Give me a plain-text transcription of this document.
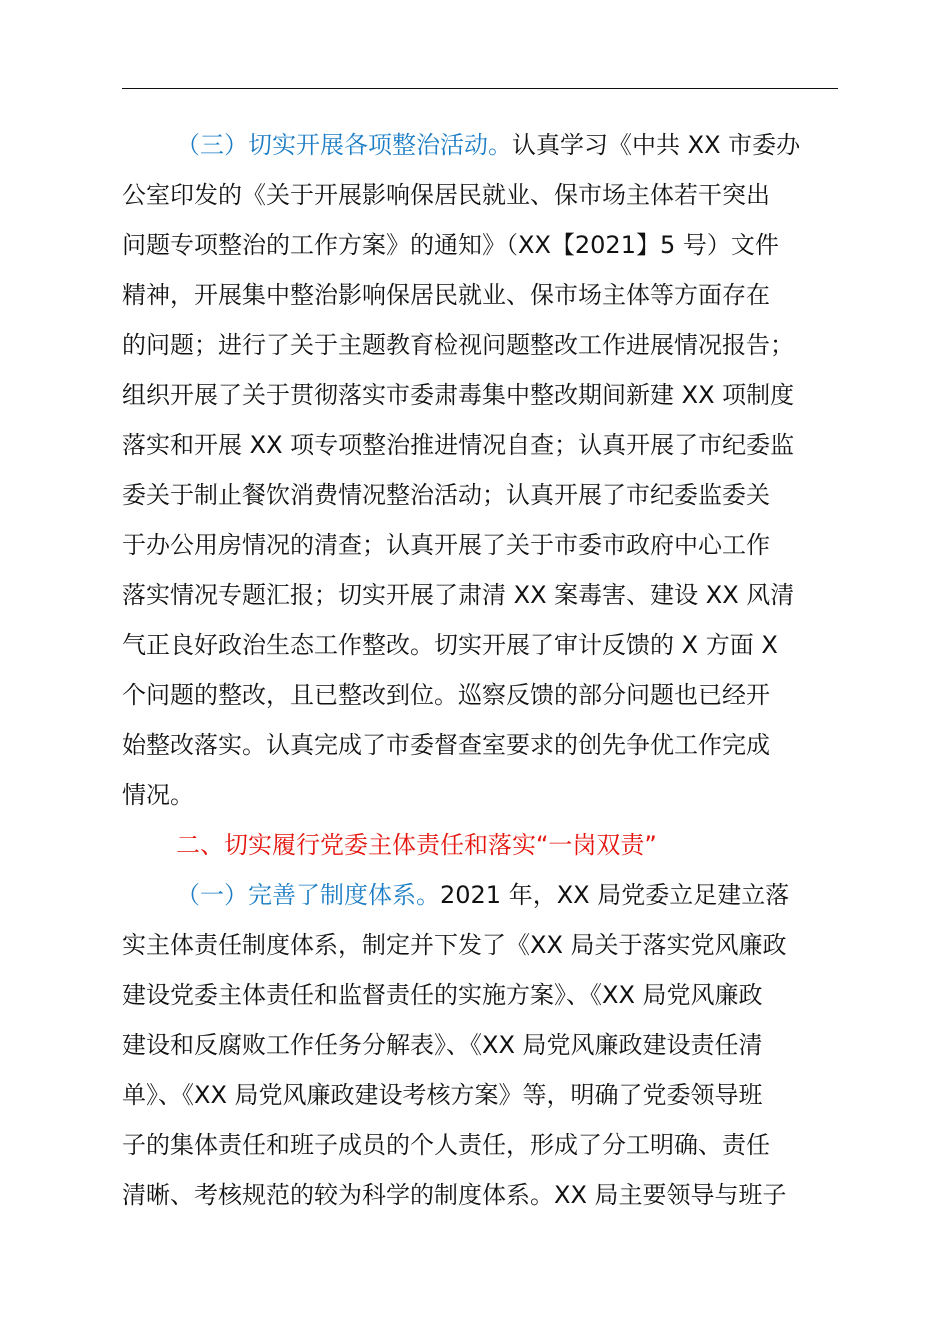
（三）切实开展各项整治活动。认真学习《中共 XX 市委办
公室印发的《关于开展影响保居民就业、保市场主体若干突出
问题专项整治的工作方案》的通知》（XX【2021】5 号）文件
精神，开展集中整治影响保居民就业、保市场主体等方面存在
的问题；进行了关于主题教育检视问题整改工作进展情况报告；
组织开展了关于贯彻落实市委肃毒集中整改期间新建 XX 项制度
落实和开展 XX 项专项整治推进情况自查；认真开展了市纪委监
委关于制止餐饮消费情况整治活动；认真开展了市纪委监委关
于办公用房情况的清查；认真开展了关于市委市政府中心工作
落实情况专题汇报；切实开展了肃清 XX 案毒害、建设 XX 风清
气正良好政治生态工作整改。切实开展了审计反馈的 X 方面 X
个问题的整改，且已整改到位。巡察反馈的部分问题也已经开
始整改落实。认真完成了市委督查室要求的创先争优工作完成
情况。
二、切实履行党委主体责任和落实“一岗双责”
（一）完善了制度体系。2021 年，XX 局党委立足建立落
实主体责任制度体系，制定并下发了《XX 局关于落实党风廉政
建设党委主体责任和监督责任的实施方案》、《XX 局党风廉政
建设和反腐败工作任务分解表》、《XX 局党风廉政建设责任清
单》、《XX 局党风廉政建设考核方案》等，明确了党委领导班
子的集体责任和班子成员的个人责任，形成了分工明确、责任
清晰、考核规范的较为科学的制度体系。XX 局主要领导与班子
